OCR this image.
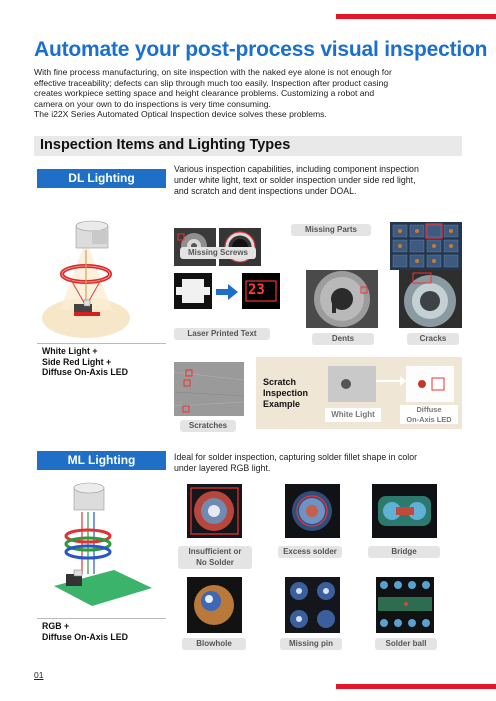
Automate your post-process visual inspection
With fine process manufacturing, on site inspection with the naked eye alone is not enough for
effective traceability; defects can slip through much too easily. Inspection after product casing
creates workpiece setting space and height clearance problems. Customizing a robot and
camera on your own to do inspections is very time consuming.
The i22X Series Automated Optical Inspection device solves these problems.
Inspection Items and Lighting Types
DL Lighting
Various inspection capabilities, including component inspection
under white light, text or solder inspection under side red light,
and scratch and dent inspections under DOAL.
White Light +
Side Red Light +
Diffuse On-Axis LED
Missing Screws
Missing Parts
23
Laser Printed Text
Dents	Cracks
Scratches
Scratch
Inspection
Example
White Light
Diffuse
On-Axis LED
ML Lighting	Ideal for solder inspection, capturing solder fillet shape in color
under layered RGB light.
RGB +
Diffuse On-Axis LED
Insufficient or
No Solder
Excess solder	Bridge
Blowhole	Missing pin	Solder ball
01
